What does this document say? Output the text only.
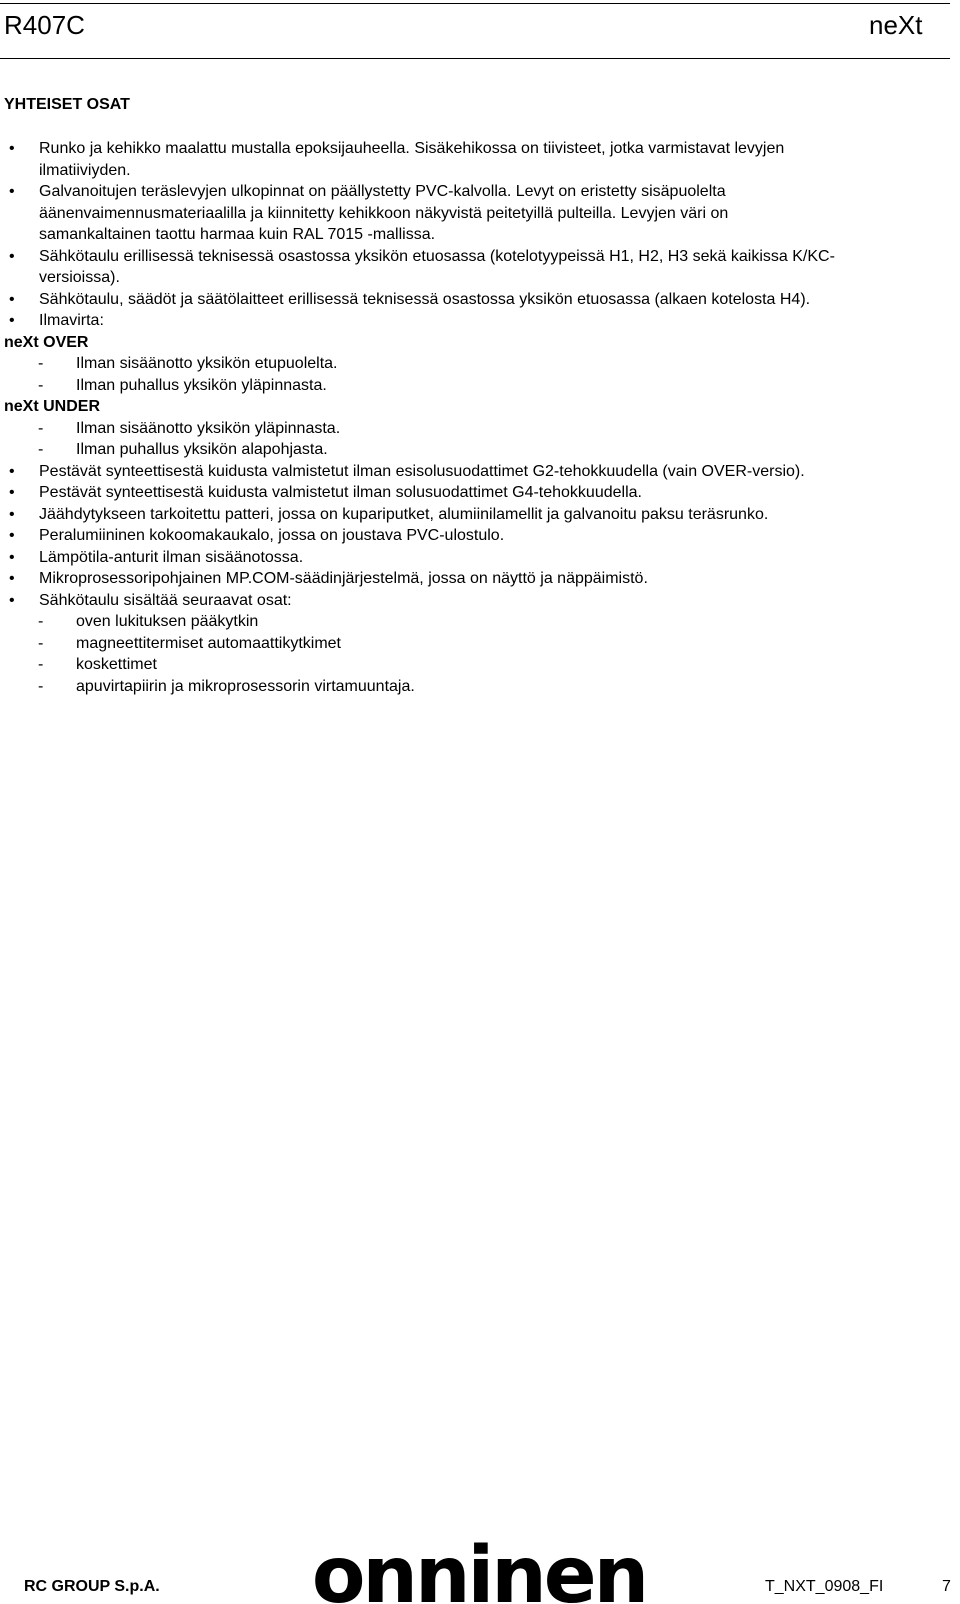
R407C	neXt
YHTEISET OSAT
• Runko ja kehikko maalattu mustalla epoksijauheella. Sisäkehikossa on tiivisteet, jotka varmistavat levyjen
ilmatiiviyden.
• Galvanoitujen teräslevyjen ulkopinnat on päällystetty PVC-kalvolla. Levyt on eristetty sisäpuolelta
äänenvaimennusmateriaalilla ja kiinnitetty kehikkoon näkyvistä peitetyillä pulteilla. Levyjen väri on
samankaltainen taottu harmaa kuin RAL 7015 -mallissa.
• Sähkötaulu erillisessä teknisessä osastossa yksikön etuosassa (kotelotyypeissä H1, H2, H3 sekä kaikissa K/KC-
versioissa).
• Sähkötaulu, säädöt ja säätölaitteet erillisessä teknisessä osastossa yksikön etuosassa (alkaen kotelosta H4).
• Ilmavirta:
neXt OVER
- Ilman sisäänotto yksikön etupuolelta.
- Ilman puhallus yksikön yläpinnasta.
neXt UNDER
- Ilman sisäänotto yksikön yläpinnasta.
- Ilman puhallus yksikön alapohjasta.
• Pestävät synteettisestä kuidusta valmistetut ilman esisolusuodattimet G2-tehokkuudella (vain OVER-versio).
• Pestävät synteettisestä kuidusta valmistetut ilman solusuodattimet G4-tehokkuudella.
• Jäähdytykseen tarkoitettu patteri, jossa on kupariputket, alumiinilamellit ja galvanoitu paksu teräsrunko.
• Peralumiininen kokoomakaukalo, jossa on joustava PVC-ulostulo.
• Lämpötila-anturit ilman sisäänotossa.
• Mikroprosessoripohjainen MP.COM-säädinjärjestelmä, jossa on näyttö ja näppäimistö.
• Sähkötaulu sisältää seuraavat osat:
- oven lukituksen pääkytkin
- magneettitermiset automaattikytkimet
- koskettimet
- apuvirtapiirin ja mikroprosessorin virtamuuntaja.
RC GROUP S.p.A.	onninen	T_NXT_0908_FI	7
